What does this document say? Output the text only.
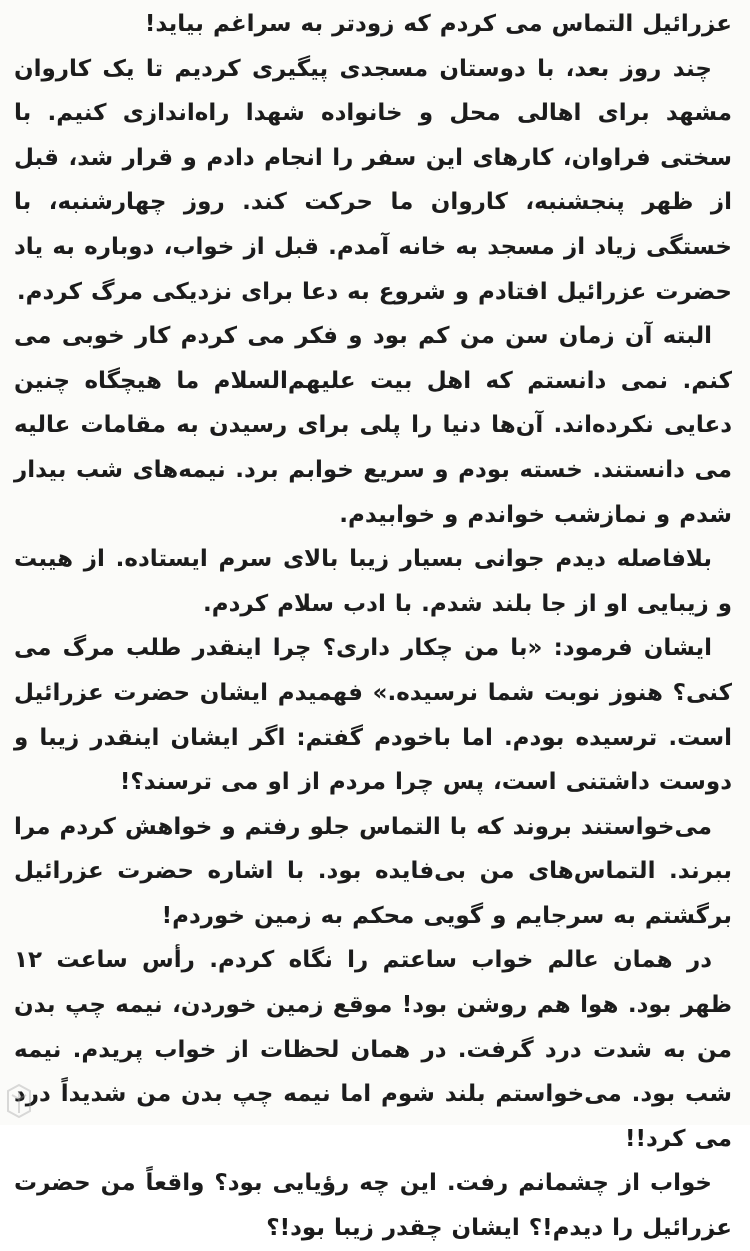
عزرائیل التماس می کردم که زودتر به سراغم بیاید!

چند روز بعد، با دوستان مسجدی پیگیری کردیم تا یک کاروان مشهد برای اهالی محل و خانواده شهدا راه‌اندازی کنیم. با سختی فراوان، کارهای این سفر را انجام دادم و قرار شد، قبل از ظهر پنجشنبه، کاروان ما حرکت کند. روز چهارشنبه، با خستگی زیاد از مسجد به خانه آمدم. قبل از خواب، دوباره به یاد حضرت عزرائیل افتادم و شروع به دعا برای نزدیکی مرگ کردم.

البته آن زمان سن من کم بود و فکر می کردم کار خوبی می کنم. نمی دانستم که اهل بیت علیهم‌السلام ما هیچگاه چنین دعایی نکرده‌اند. آن‌ها دنیا را پلی برای رسیدن به مقامات عالیه می دانستند. خسته بودم و سریع خوابم برد. نیمه‌های شب بیدار شدم و نمازشب خواندم و خوابیدم.

بلافاصله دیدم جوانی بسیار زیبا بالای سرم ایستاده. از هیبت و زیبایی او از جا بلند شدم. با ادب سلام کردم.

ایشان فرمود: «با من چکار داری؟ چرا اینقدر طلب مرگ می کنی؟ هنوز نوبت شما نرسیده.» فهمیدم ایشان حضرت عزرائیل است. ترسیده بودم. اما باخودم گفتم: اگر ایشان اینقدر زیبا و دوست داشتنی است، پس چرا مردم از او می ترسند؟!

می‌خواستند بروند که با التماس جلو رفتم و خواهش کردم مرا ببرند. التماس‌های من بی‌فایده بود. با اشاره حضرت عزرائیل برگشتم به سرجایم و گویی محکم به زمین خوردم!

در همان عالم خواب ساعتم را نگاه کردم. رأس ساعت ۱۲ ظهر بود. هوا هم روشن بود! موقع زمین خوردن، نیمه چپ بدن من به شدت درد گرفت. در همان لحظات از خواب پریدم. نیمه شب بود. می‌خواستم بلند شوم اما نیمه چپ بدن من شدیداً درد می کرد!!

خواب از چشمانم رفت. این چه رؤیایی بود؟ واقعاً من حضرت عزرائیل را دیدم!؟ ایشان چقدر زیبا بود!؟
